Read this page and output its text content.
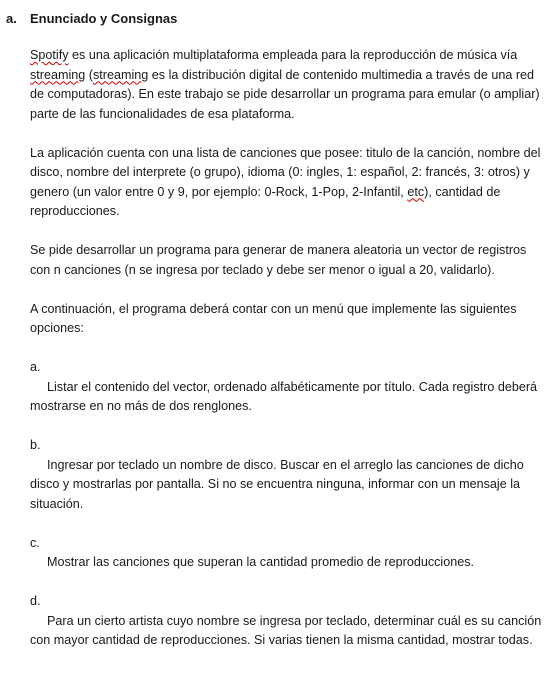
a. Enunciado y Consignas

Spotify es una aplicación multiplataforma empleada para la reproducción de música vía streaming (streaming es la distribución digital de contenido multimedia a través de una red de computadoras). En este trabajo se pide desarrollar un programa para emular (o ampliar) parte de las funcionalidades de esa plataforma.

La aplicación cuenta con una lista de canciones que posee: titulo de la canción, nombre del disco, nombre del interprete (o grupo), idioma (0: ingles, 1: español, 2: francés, 3: otros) y genero (un valor entre 0 y 9, por ejemplo: 0-Rock, 1-Pop, 2-Infantil, etc), cantidad de reproducciones.

Se pide desarrollar un programa para generar de manera aleatoria un vector de registros con n canciones (n se ingresa por teclado y debe ser menor o igual a 20, validarlo).

A continuación, el programa deberá contar con un menú que implemente las siguientes opciones:

a.

Listar el contenido del vector, ordenado alfabéticamente por título. Cada registro deberá mostrarse en no más de dos renglones.

b.

Ingresar por teclado un nombre de disco. Buscar en el arreglo las canciones de dicho disco y mostrarlas por pantalla. Si no se encuentra ninguna, informar con un mensaje la situación.

c.

Mostrar las canciones que superan la cantidad promedio de reproducciones.

d.

Para un cierto artista cuyo nombre se ingresa por teclado, determinar cuál es su canción con mayor cantidad de reproducciones. Si varias tienen la misma cantidad, mostrar todas.
